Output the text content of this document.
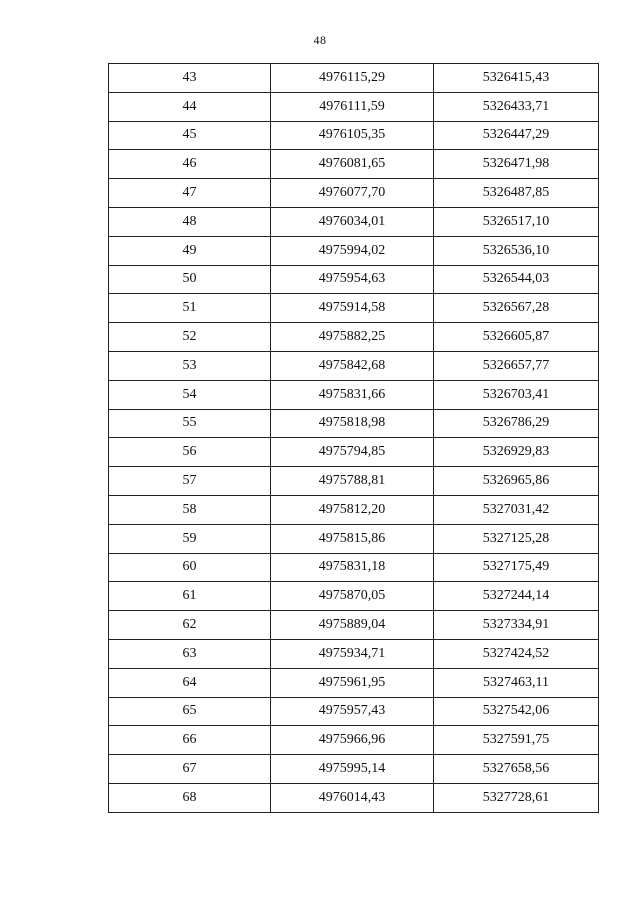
48
43	4976115,29	5326415,43
44	4976111,59	5326433,71
45	4976105,35	5326447,29
46	4976081,65	5326471,98
47	4976077,70	5326487,85
48	4976034,01	5326517,10
49	4975994,02	5326536,10
50	4975954,63	5326544,03
51	4975914,58	5326567,28
52	4975882,25	5326605,87
53	4975842,68	5326657,77
54	4975831,66	5326703,41
55	4975818,98	5326786,29
56	4975794,85	5326929,83
57	4975788,81	5326965,86
58	4975812,20	5327031,42
59	4975815,86	5327125,28
60	4975831,18	5327175,49
61	4975870,05	5327244,14
62	4975889,04	5327334,91
63	4975934,71	5327424,52
64	4975961,95	5327463,11
65	4975957,43	5327542,06
66	4975966,96	5327591,75
67	4975995,14	5327658,56
68	4976014,43	5327728,61
